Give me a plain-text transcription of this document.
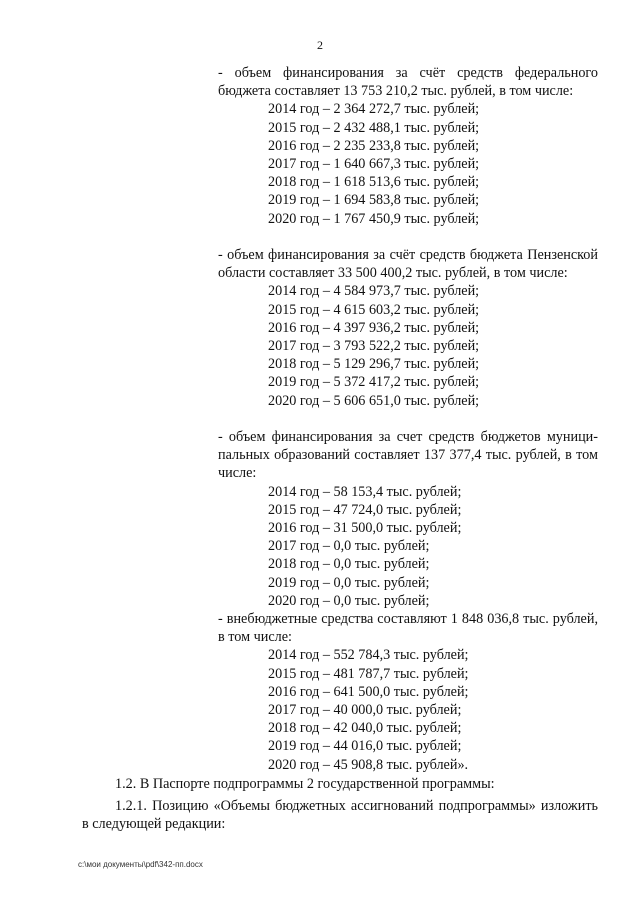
2
- объем финансирования за счёт средств федерального бюджета составляет 13 753 210,2 тыс. рублей, в том числе:
2014 год – 2 364 272,7 тыс. рублей;
2015 год – 2 432 488,1 тыс. рублей;
2016 год – 2 235 233,8 тыс. рублей;
2017 год – 1 640 667,3 тыс. рублей;
2018 год – 1 618 513,6 тыс. рублей;
2019 год – 1 694 583,8 тыс. рублей;
2020 год – 1 767 450,9 тыс. рублей;
- объем финансирования за счёт средств бюджета Пензенской области составляет 33 500 400,2 тыс. рублей, в том числе:
2014 год – 4 584 973,7 тыс. рублей;
2015 год – 4 615 603,2 тыс. рублей;
2016 год – 4 397 936,2 тыс. рублей;
2017 год – 3 793 522,2 тыс. рублей;
2018 год – 5 129 296,7 тыс. рублей;
2019 год – 5 372 417,2 тыс. рублей;
2020 год – 5 606 651,0 тыс. рублей;
- объем финансирования за счет средств бюджетов муници-пальных образований составляет 137 377,4 тыс. рублей, в том числе:
2014 год – 58 153,4 тыс. рублей;
2015 год – 47 724,0 тыс. рублей;
2016 год – 31 500,0 тыс. рублей;
2017 год – 0,0 тыс. рублей;
2018 год – 0,0 тыс. рублей;
2019 год – 0,0 тыс. рублей;
2020 год – 0,0 тыс. рублей;
- внебюджетные средства составляют 1 848 036,8 тыс. рублей, в том числе:
2014 год – 552 784,3 тыс. рублей;
2015 год – 481 787,7 тыс. рублей;
2016 год – 641 500,0 тыс. рублей;
2017 год – 40 000,0 тыс. рублей;
2018 год – 42 040,0 тыс. рублей;
2019 год – 44 016,0 тыс. рублей;
2020 год – 45 908,8 тыс. рублей».
1.2. В Паспорте подпрограммы 2 государственной программы:
1.2.1. Позицию «Объемы бюджетных ассигнований подпрограммы» изложить в следующей редакции:
c:\мои документы\pdf\342-пп.docx
